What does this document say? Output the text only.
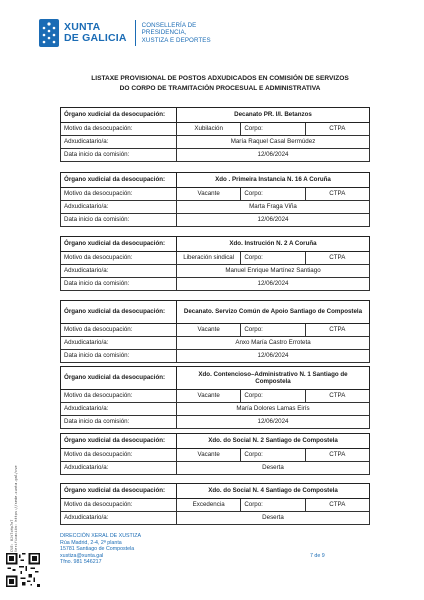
XUNTA
DE GALICIA
CONSELLERÍA DE
PRESIDENCIA,
XUSTIZA E DEPORTES
LISTAXE PROVISIONAL DE POSTOS ADXUDICADOS EN COMISIÓN DE SERVIZOS
DO CORPO DE TRAMITACIÓN PROCESUAL E ADMINISTRATIVA
Órgano xudicial da desocupación:	Decanato PR. I/I. Betanzos		
Motivo da desocupación:	Xubilación	Corpo:	CTPA
Adxudicatario/a:	María Raquel Casal Bermúdez		
Data inicio da comisión:	12/06/2024		
Órgano xudicial da desocupación:	Xdo . Primeira Instancia N. 16 A Coruña		
Motivo da desocupación:	Vacante	Corpo:	CTPA
Adxudicatario/a:	Marta Fraga Viña		
Data inicio da comisión:	12/06/2024		
Órgano xudicial da desocupación:	Xdo. Instrución N. 2 A Coruña		
Motivo da desocupación:	Liberación sindical	Corpo:	CTPA
Adxudicatario/a:	Manuel Enrique Martínez Santiago		
Data inicio da comisión:	12/06/2024		
Órgano xudicial da desocupación:	Decanato. Servizo Común de Apoio Santiago de Compostela		
Motivo da desocupación:	Vacante	Corpo:	CTPA
Adxudicatario/a:	Anxo María Castro Erroteta		
Data inicio da comisión:	12/06/2024		
Órgano xudicial da desocupación:	Xdo. Contencioso–Administrativo N. 1 Santiago de Compostela		
Motivo da desocupación:	Vacante	Corpo:	CTPA
Adxudicatario/a:	María Dolores Lamas Eirís		
Data inicio da comisión:	12/06/2024		
Órgano xudicial da desocupación:	Xdo. do Social N. 2 Santiago de Compostela		
Motivo da desocupación:	Vacante	Corpo:	CTPA
Adxudicatario/a:	Deserta		
Órgano xudicial da desocupación:	Xdo. do Social N. 4 Santiago de Compostela		
Motivo da desocupación:	Excedencia	Corpo:	CTPA
Adxudicatario/a:	Deserta		
DIRECCIÓN XERAL DE XUSTIZA
Rúa Madrid, 2-4, 2ª planta
15781 Santiago de Compostela
xustiza@xunta.gal
Tfno. 981 546217
7 de 9
CVE: 8Jt7cHp7n7 Verificación: https://sede.xunta.gal/cve
